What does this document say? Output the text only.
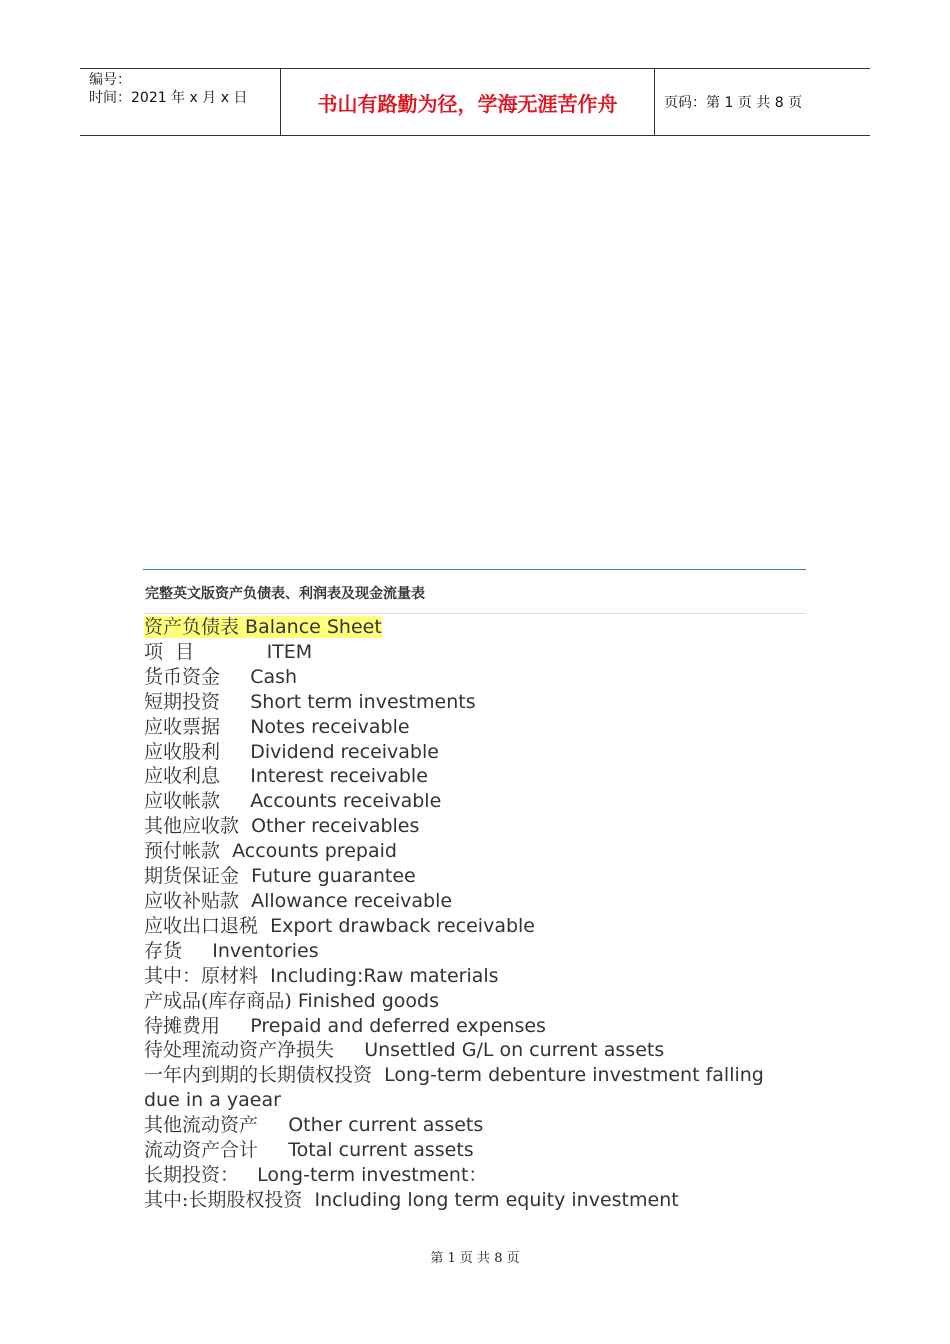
编号：
时间：2021 年 x 月 x 日	书山有路勤为径，学海无涯苦作舟	页码：第 1 页 共 8 页
完整英文版资产负债表、利润表及现金流量表
资产负债表 Balance Sheet
项  目            ITEM
货币资金     Cash
短期投资     Short term investments
应收票据     Notes receivable
应收股利     Dividend receivable
应收利息     Interest receivable
应收帐款     Accounts receivable
其他应收款  Other receivables
预付帐款  Accounts prepaid
期货保证金  Future guarantee
应收补贴款  Allowance receivable
应收出口退税  Export drawback receivable
存货     Inventories
其中：原材料  Including:Raw materials
产成品(库存商品) Finished goods
待摊费用     Prepaid and deferred expenses
待处理流动资产净损失     Unsettled G/L on current assets
一年内到期的长期债权投资  Long-term debenture investment falling due in a yaear
其他流动资产     Other current assets
流动资产合计     Total current assets
长期投资：   Long-term investment：
其中:长期股权投资  Including long term equity investment
第 1 页 共 8 页
